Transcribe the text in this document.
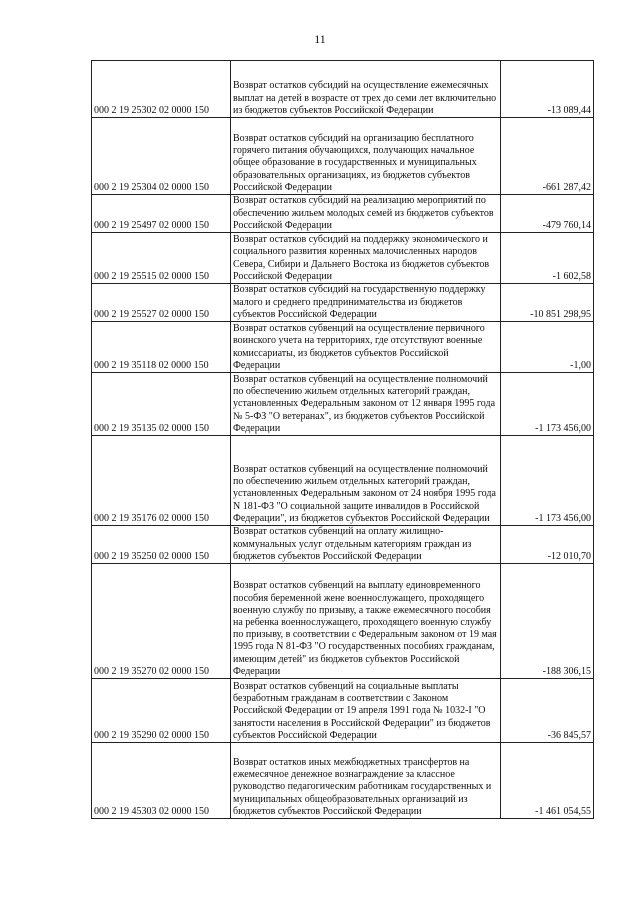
11
000 2 19 25302 02 0000 150	Возврат остатков субсидий на осуществление ежемесячных выплат на детей в возрасте от трех до семи лет включительно из бюджетов субъектов Российской Федерации	-13 089,44
000 2 19 25304 02 0000 150	Возврат остатков субсидий на организацию бесплатного горячего питания обучающихся, получающих начальное общее образование в государственных и муниципальных образовательных организациях, из бюджетов субъектов Российской Федерации	-661 287,42
000 2 19 25497 02 0000 150	Возврат остатков субсидий на реализацию мероприятий по обеспечению жильем молодых семей из бюджетов субъектов Российской Федерации	-479 760,14
000 2 19 25515 02 0000 150	Возврат остатков субсидий на поддержку экономического и социального развития коренных малочисленных народов Севера, Сибири и Дальнего Востока из бюджетов субъектов Российской Федерации	-1 602,58
000 2 19 25527 02 0000 150	Возврат остатков субсидий на государственную поддержку малого и среднего предпринимательства из бюджетов субъектов Российской Федерации	-10 851 298,95
000 2 19 35118 02 0000 150	Возврат остатков субвенций на осуществление первичного воинского учета на территориях, где отсутствуют военные комиссариаты, из бюджетов субъектов Российской Федерации	-1,00
000 2 19 35135 02 0000 150	Возврат остатков субвенций на осуществление полномочий по обеспечению жильем отдельных категорий граждан, установленных Федеральным законом от 12 января 1995 года № 5-ФЗ "О ветеранах", из бюджетов субъектов Российской Федерации	-1 173 456,00
000 2 19 35176 02 0000 150	Возврат остатков субвенций на осуществление полномочий по обеспечению жильем отдельных категорий граждан, установленных Федеральным законом от 24 ноября 1995 года N 181-ФЗ "О социальной защите инвалидов в Российской Федерации", из бюджетов субъектов Российской Федерации	-1 173 456,00
000 2 19 35250 02 0000 150	Возврат остатков субвенций на оплату жилищно-коммунальных услуг отдельным категориям граждан из бюджетов субъектов Российской Федерации	-12 010,70
000 2 19 35270 02 0000 150	Возврат остатков субвенций на выплату единовременного пособия беременной жене военнослужащего, проходящего военную службу по призыву, а также ежемесячного пособия на ребенка военнослужащего, проходящего военную службу по призыву, в соответствии с Федеральным законом от 19 мая 1995 года N 81-ФЗ "О государственных пособиях гражданам, имеющим детей" из бюджетов субъектов Российской Федерации	-188 306,15
000 2 19 35290 02 0000 150	Возврат остатков субвенций на социальные выплаты безработным гражданам в соответствии с Законом Российской Федерации от 19 апреля 1991 года № 1032-I "О занятости населения в Российской Федерации" из бюджетов субъектов Российской Федерации	-36 845,57
000 2 19 45303 02 0000 150	Возврат остатков иных межбюджетных трансфертов на ежемесячное денежное вознаграждение за классное руководство педагогическим работникам государственных и муниципальных общеобразовательных организаций из бюджетов субъектов Российской Федерации	-1 461 054,55
